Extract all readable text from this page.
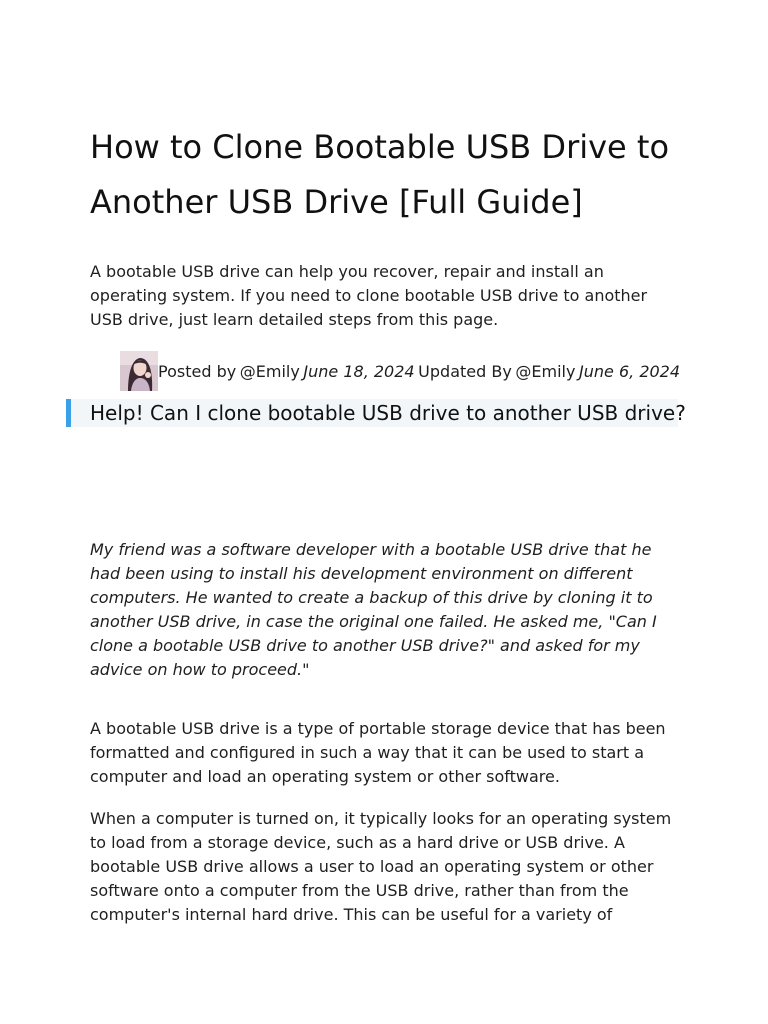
How to Clone Bootable USB Drive to Another USB Drive [Full Guide]

A bootable USB drive can help you recover, repair and install an operating system. If you need to clone bootable USB drive to another USB drive, just learn detailed steps from this page.

Posted by @Emily June 18, 2024 Updated By @Emily June 6, 2024
Help! Can I clone bootable USB drive to another USB drive?

My friend was a software developer with a bootable USB drive that he had been using to install his development environment on different computers. He wanted to create a backup of this drive by cloning it to another USB drive, in case the original one failed. He asked me, "Can I clone a bootable USB drive to another USB drive?" and asked for my advice on how to proceed."

A bootable USB drive is a type of portable storage device that has been formatted and configured in such a way that it can be used to start a computer and load an operating system or other software.

When a computer is turned on, it typically looks for an operating system to load from a storage device, such as a hard drive or USB drive. A bootable USB drive allows a user to load an operating system or other software onto a computer from the USB drive, rather than from the computer's internal hard drive. This can be useful for a variety of
